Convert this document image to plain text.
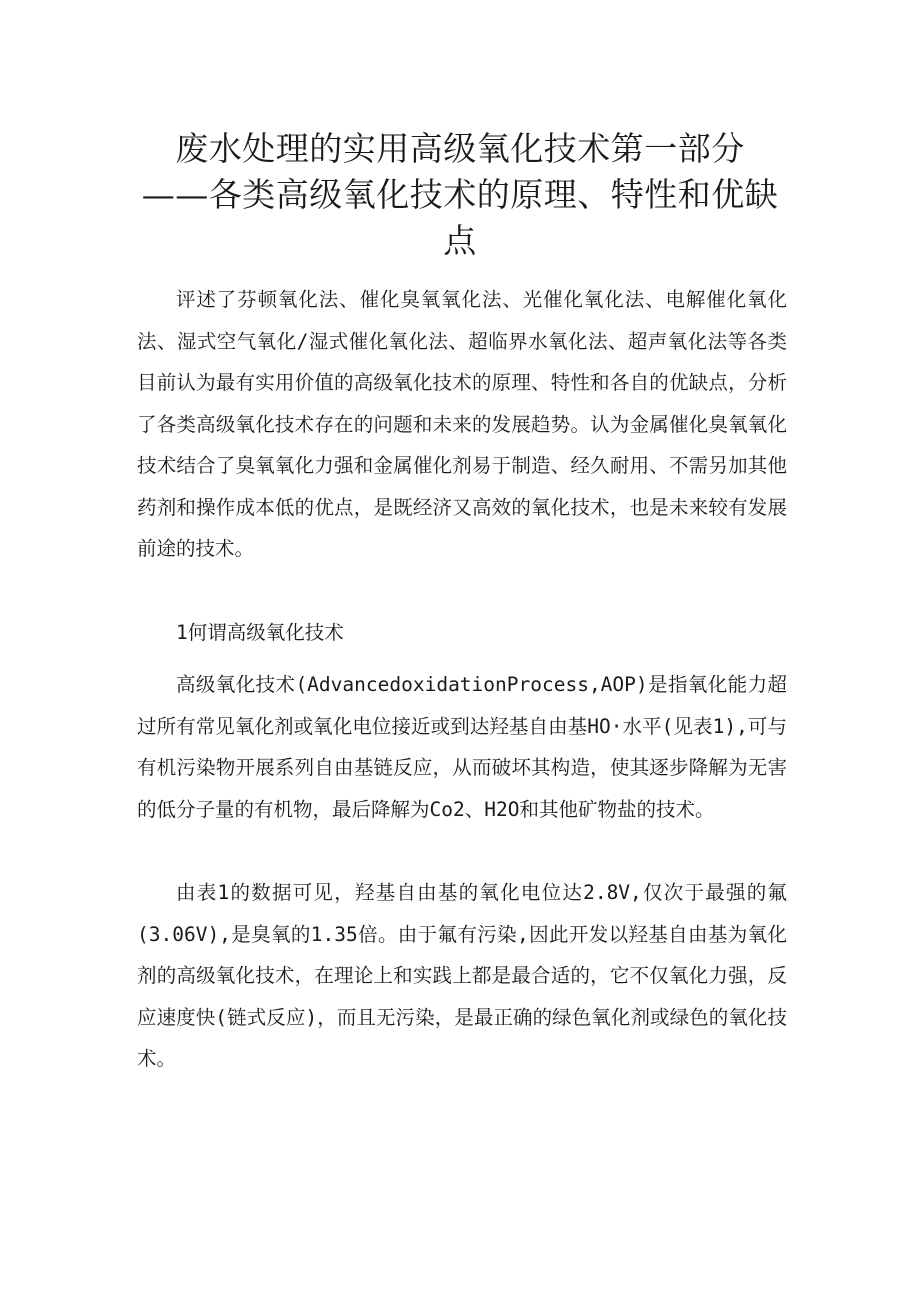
废水处理的实用高级氧化技术第一部分
——各类高级氧化技术的原理、特性和优缺
点

评述了芬顿氧化法、催化臭氧氧化法、光催化氧化法、电解催化氧化法、湿式空气氧化/湿式催化氧化法、超临界水氧化法、超声氧化法等各类目前认为最有实用价值的高级氧化技术的原理、特性和各自的优缺点，分析了各类高级氧化技术存在的问题和未来的发展趋势。认为金属催化臭氧氧化技术结合了臭氧氧化力强和金属催化剂易于制造、经久耐用、不需另加其他药剂和操作成本低的优点，是既经济又高效的氧化技术，也是未来较有发展前途的技术。

1何谓高级氧化技术

高级氧化技术(AdvancedoxidationProcess,AOP)是指氧化能力超过所有常见氧化剂或氧化电位接近或到达羟基自由基HO·水平(见表1),可与有机污染物开展系列自由基链反应，从而破坏其构造，使其逐步降解为无害的低分子量的有机物，最后降解为Co2、H2O和其他矿物盐的技术。

由表1的数据可见，羟基自由基的氧化电位达2.8V,仅次于最强的氟(3.06V),是臭氧的1.35倍。由于氟有污染,因此开发以羟基自由基为氧化剂的高级氧化技术，在理论上和实践上都是最合适的，它不仅氧化力强，反应速度快(链式反应)，而且无污染，是最正确的绿色氧化剂或绿色的氧化技术。
